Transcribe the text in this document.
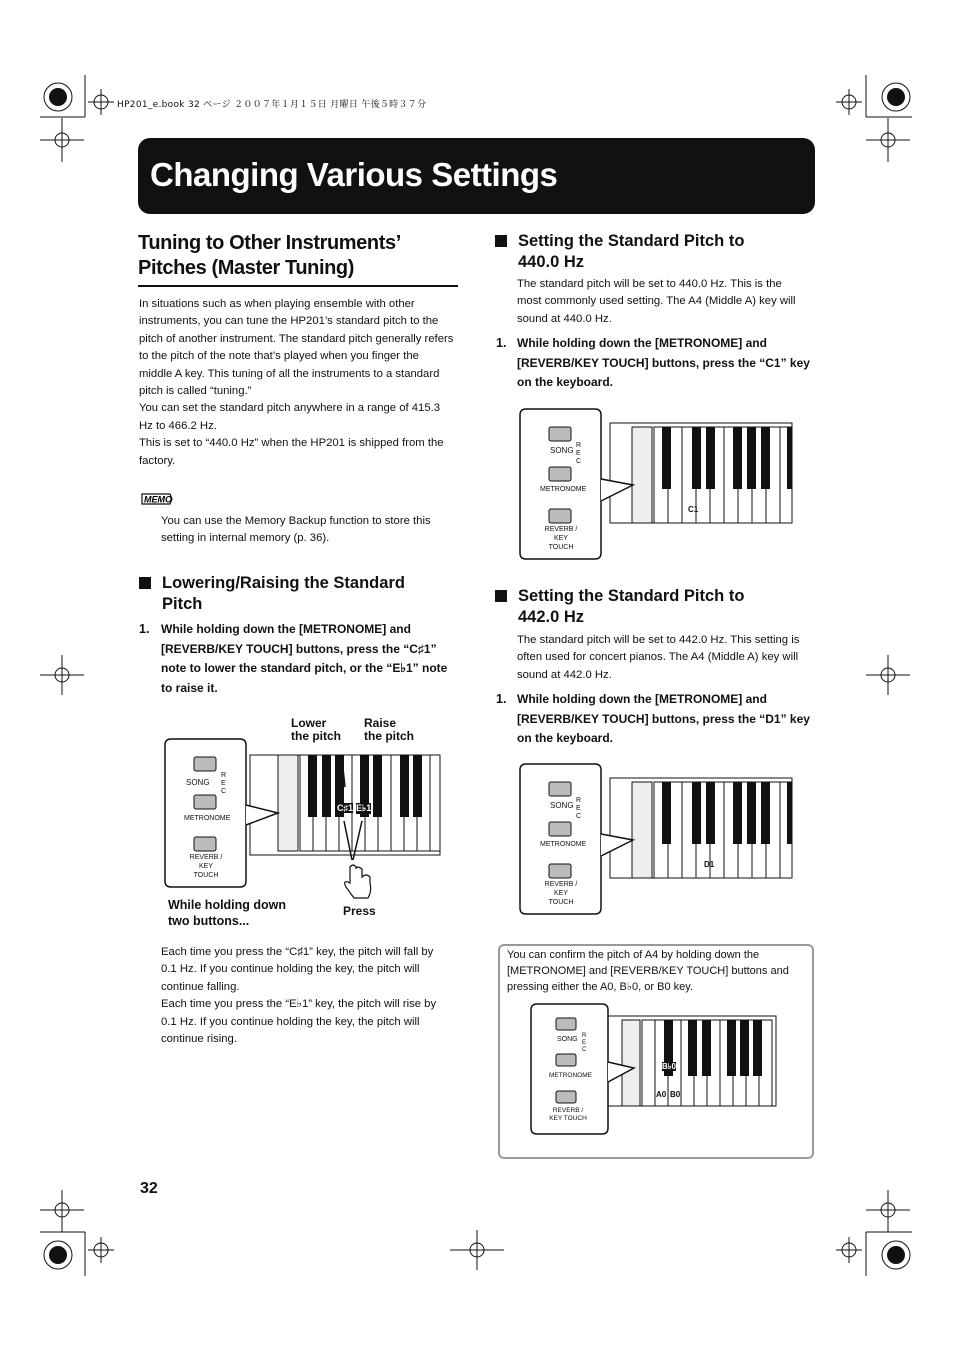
HP201_e.book 32 ページ ２００７年１月１５日 月曜日 午後５時３７分
Changing Various Settings
Tuning to Other Instruments’
Pitches (Master Tuning)
In situations such as when playing ensemble with other
instruments, you can tune the HP201’s standard pitch to the
pitch of another instrument. The standard pitch generally refers
to the pitch of the note that’s played when you finger the
middle A key. This tuning of all the instruments to a standard
pitch is called “tuning.”
You can set the standard pitch anywhere in a range of 415.3
Hz to 466.2 Hz.
This is set to “440.0 Hz” when the HP201 is shipped from the
factory.
MEMO
You can use the Memory Backup function to store this
setting in internal memory (p. 36).
Lowering/Raising the Standard
Pitch
1. While holding down the [METRONOME] and
[REVERB/KEY TOUCH] buttons, press the “C♯1”
note to lower the standard pitch, or the “E♭1” note
to raise it.
Lower
the pitch
Raise
the pitch
SONG
R
E
C
METRONOME
REVERB /
KEY TOUCH
C♯1 E♭1
While holding down
two buttons...
Press
Each time you press the “C♯1” key, the pitch will fall by
0.1 Hz. If you continue holding the key, the pitch will
continue falling.
Each time you press the “E♭1” key, the pitch will rise by
0.1 Hz. If you continue holding the key, the pitch will
continue rising.
Setting the Standard Pitch to
440.0 Hz
The standard pitch will be set to 440.0 Hz. This is the
most commonly used setting. The A4 (Middle A) key will
sound at 440.0 Hz.
1. While holding down the [METRONOME] and
[REVERB/KEY TOUCH] buttons, press the “C1” key
on the keyboard.
SONG
R
E
C
METRONOME
REVERB /
KEY TOUCH
C1
Setting the Standard Pitch to
442.0 Hz
The standard pitch will be set to 442.0 Hz. This setting is
often used for concert pianos. The A4 (Middle A) key will
sound at 442.0 Hz.
1. While holding down the [METRONOME] and
[REVERB/KEY TOUCH] buttons, press the “D1” key
on the keyboard.
SONG
R
E
C
METRONOME
REVERB /
KEY TOUCH
D1
You can confirm the pitch of A4 by holding down the
[METRONOME] and [REVERB/KEY TOUCH] buttons and
pressing either the A0, B♭0, or B0 key.
SONG R
E
C
METRONOME
REVERB /
KEY TOUCH
B♭0
A0 B0
32
